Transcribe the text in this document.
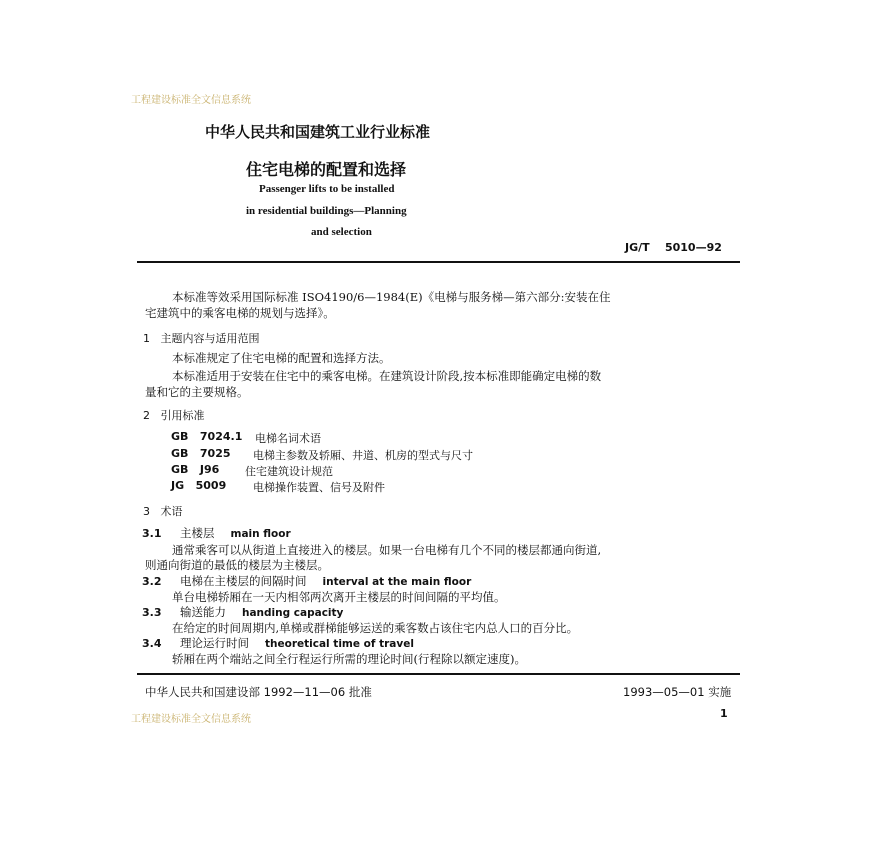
工程建设标准全文信息系统
中华人民共和国建筑工业行业标准
住宅电梯的配置和选择
Passenger lifts to be installed
in residential buildings—Planning
and selection
JG/T    5010—92
本标准等效采用国际标准 ISO4190/6—1984(E)《电梯与服务梯—第六部分:安装在住
宅建筑中的乘客电梯的规划与选择》。
1   主题内容与适用范围
本标准规定了住宅电梯的配置和选择方法。
本标准适用于安装在住宅中的乘客电梯。在建筑设计阶段,按本标准即能确定电梯的数
量和它的主要规格。
2   引用标准
GB   7024.1	电梯名词术语
GB   7025	电梯主参数及轿厢、井道、机房的型式与尺寸
GB   J96	住宅建筑设计规范
JG   5009	电梯操作装置、信号及附件
3   术语
3.1 主楼层 main floor
通常乘客可以从街道上直接进入的楼层。如果一台电梯有几个不同的楼层都通向街道,
则通向街道的最低的楼层为主楼层。
3.2 电梯在主楼层的间隔时间 interval at the main floor
单台电梯轿厢在一天内相邻两次离开主楼层的时间间隔的平均值。
3.3 输送能力 handing capacity
在给定的时间周期内,单梯或群梯能够运送的乘客数占该住宅内总人口的百分比。
3.4 理论运行时间 theoretical time of travel
轿厢在两个端站之间全行程运行所需的理论时间(行程除以额定速度)。
中华人民共和国建设部 1992—11—06 批准	1993—05—01 实施
工程建设标准全文信息系统	1
